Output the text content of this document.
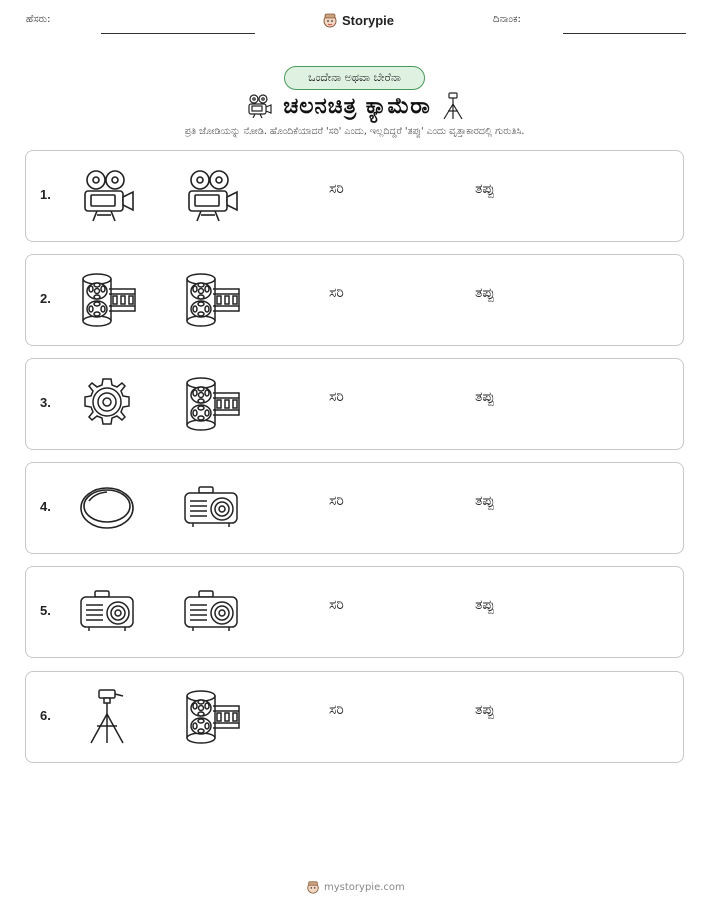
ಹೆಸರು:	Storypie	ದಿನಾಂಕ:
ಒಂದೇನಾ ಅಥವಾ ಬೇರೆನಾ
ಚಲನಚಿತ್ರ ಕ್ಯಾಮೆರಾ
ಪ್ರತಿ ಜೋಡಿಯನ್ನು ನೋಡಿ. ಹೊಂದಿಕೆಯಾದರೆ 'ಸರಿ' ಎಂದು, ಇಲ್ಲದಿದ್ದರೆ 'ತಪ್ಪು' ಎಂದು ವೃತ್ತಾಕಾರದಲ್ಲಿ ಗುರುತಿಸಿ.
1.	ಸರಿ	ತಪ್ಪು
2.	ಸರಿ	ತಪ್ಪು
3.	ಸರಿ	ತಪ್ಪು
4.	ಸರಿ	ತಪ್ಪು
5.	ಸರಿ	ತಪ್ಪು
6.	ಸರಿ	ತಪ್ಪು
mystorypie.com
